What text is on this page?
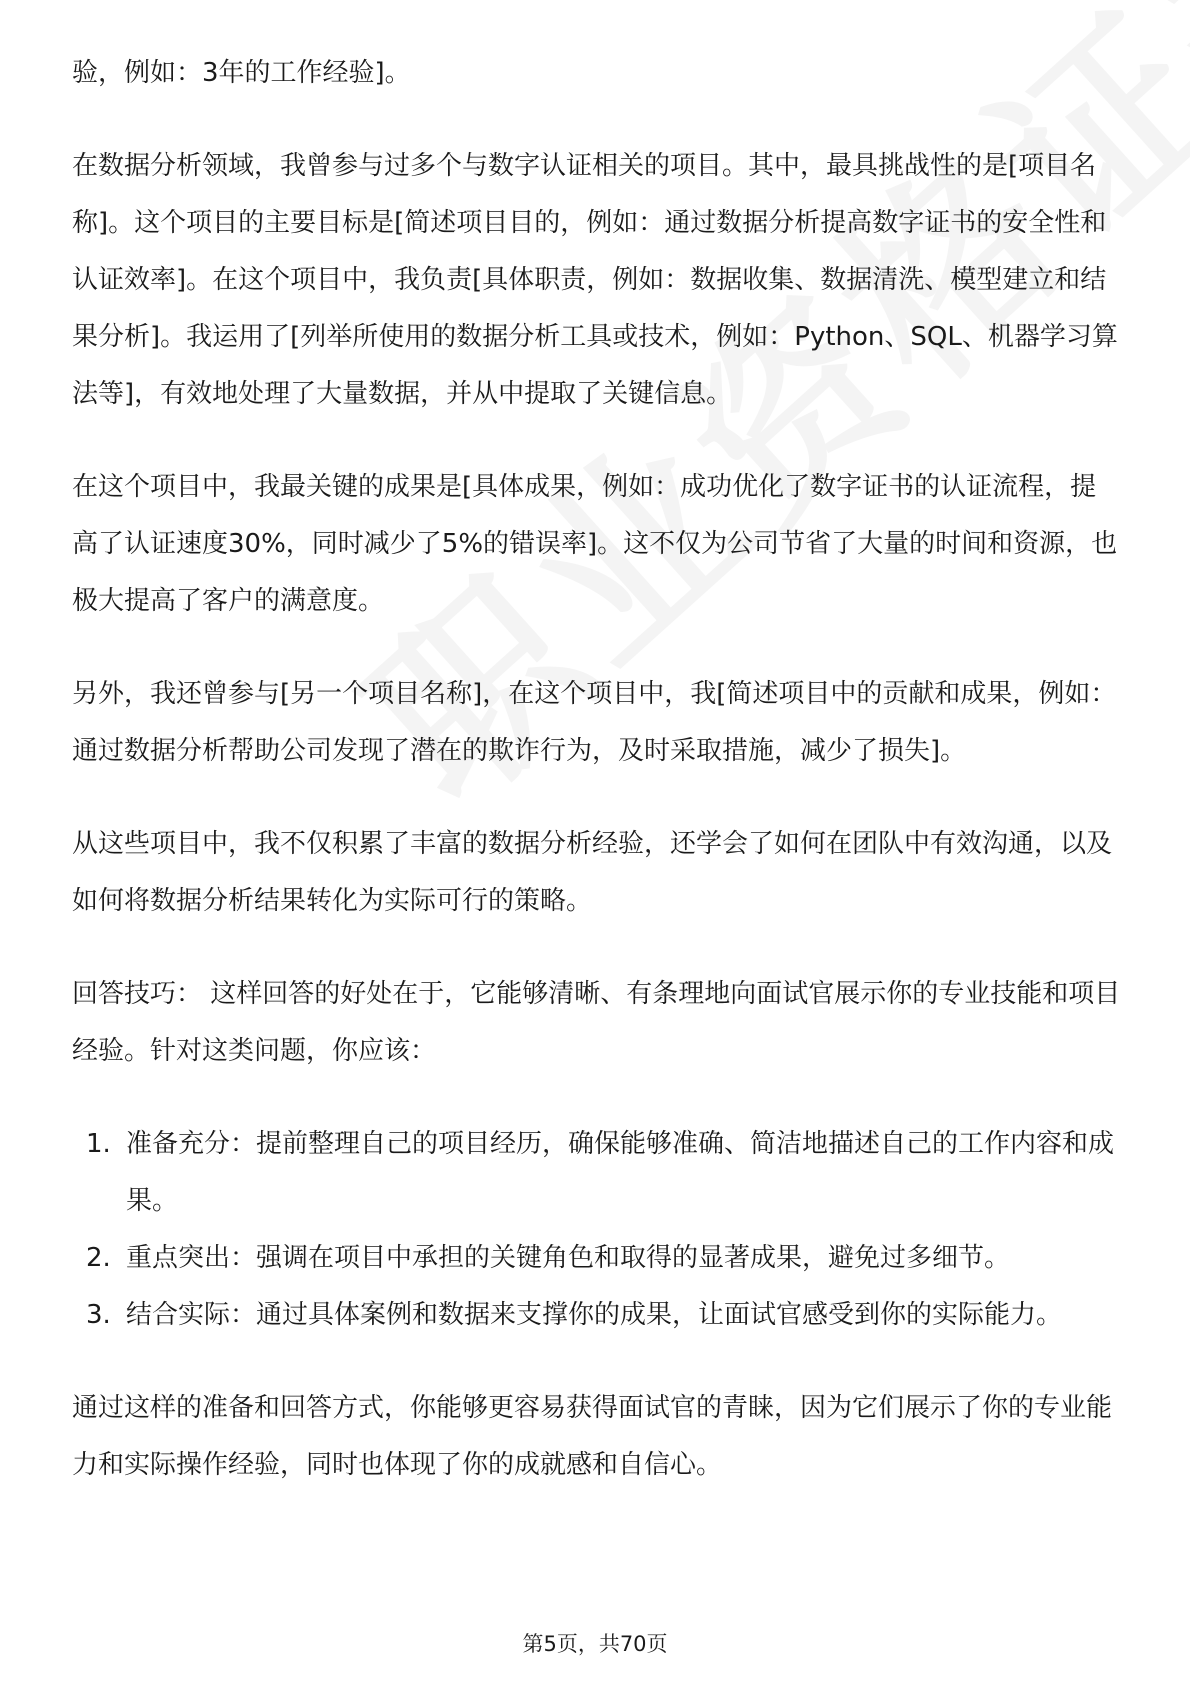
验，例如：3年的工作经验]。

在数据分析领域，我曾参与过多个与数字认证相关的项目。其中，最具挑战性的是[项目名称]。这个项目的主要目标是[简述项目目的，例如：通过数据分析提高数字证书的安全性和认证效率]。在这个项目中，我负责[具体职责，例如：数据收集、数据清洗、模型建立和结果分析]。我运用了[列举所使用的数据分析工具或技术，例如：Python、SQL、机器学习算法等]，有效地处理了大量数据，并从中提取了关键信息。

在这个项目中，我最关键的成果是[具体成果，例如：成功优化了数字证书的认证流程，提高了认证速度30%，同时减少了5%的错误率]。这不仅为公司节省了大量的时间和资源，也极大提高了客户的满意度。

另外，我还曾参与[另一个项目名称]，在这个项目中，我[简述项目中的贡献和成果，例如：通过数据分析帮助公司发现了潜在的欺诈行为，及时采取措施，减少了损失]。

从这些项目中，我不仅积累了丰富的数据分析经验，还学会了如何在团队中有效沟通，以及如何将数据分析结果转化为实际可行的策略。

回答技巧： 这样回答的好处在于，它能够清晰、有条理地向面试官展示你的专业技能和项目经验。针对这类问题，你应该：

1. 准备充分：提前整理自己的项目经历，确保能够准确、简洁地描述自己的工作内容和成果。
2. 重点突出：强调在项目中承担的关键角色和取得的显著成果，避免过多细节。
3. 结合实际：通过具体案例和数据来支撑你的成果，让面试官感受到你的实际能力。

通过这样的准备和回答方式，你能够更容易获得面试官的青睐，因为它们展示了你的专业能力和实际操作经验，同时也体现了你的成就感和自信心。

第5页，共70页
